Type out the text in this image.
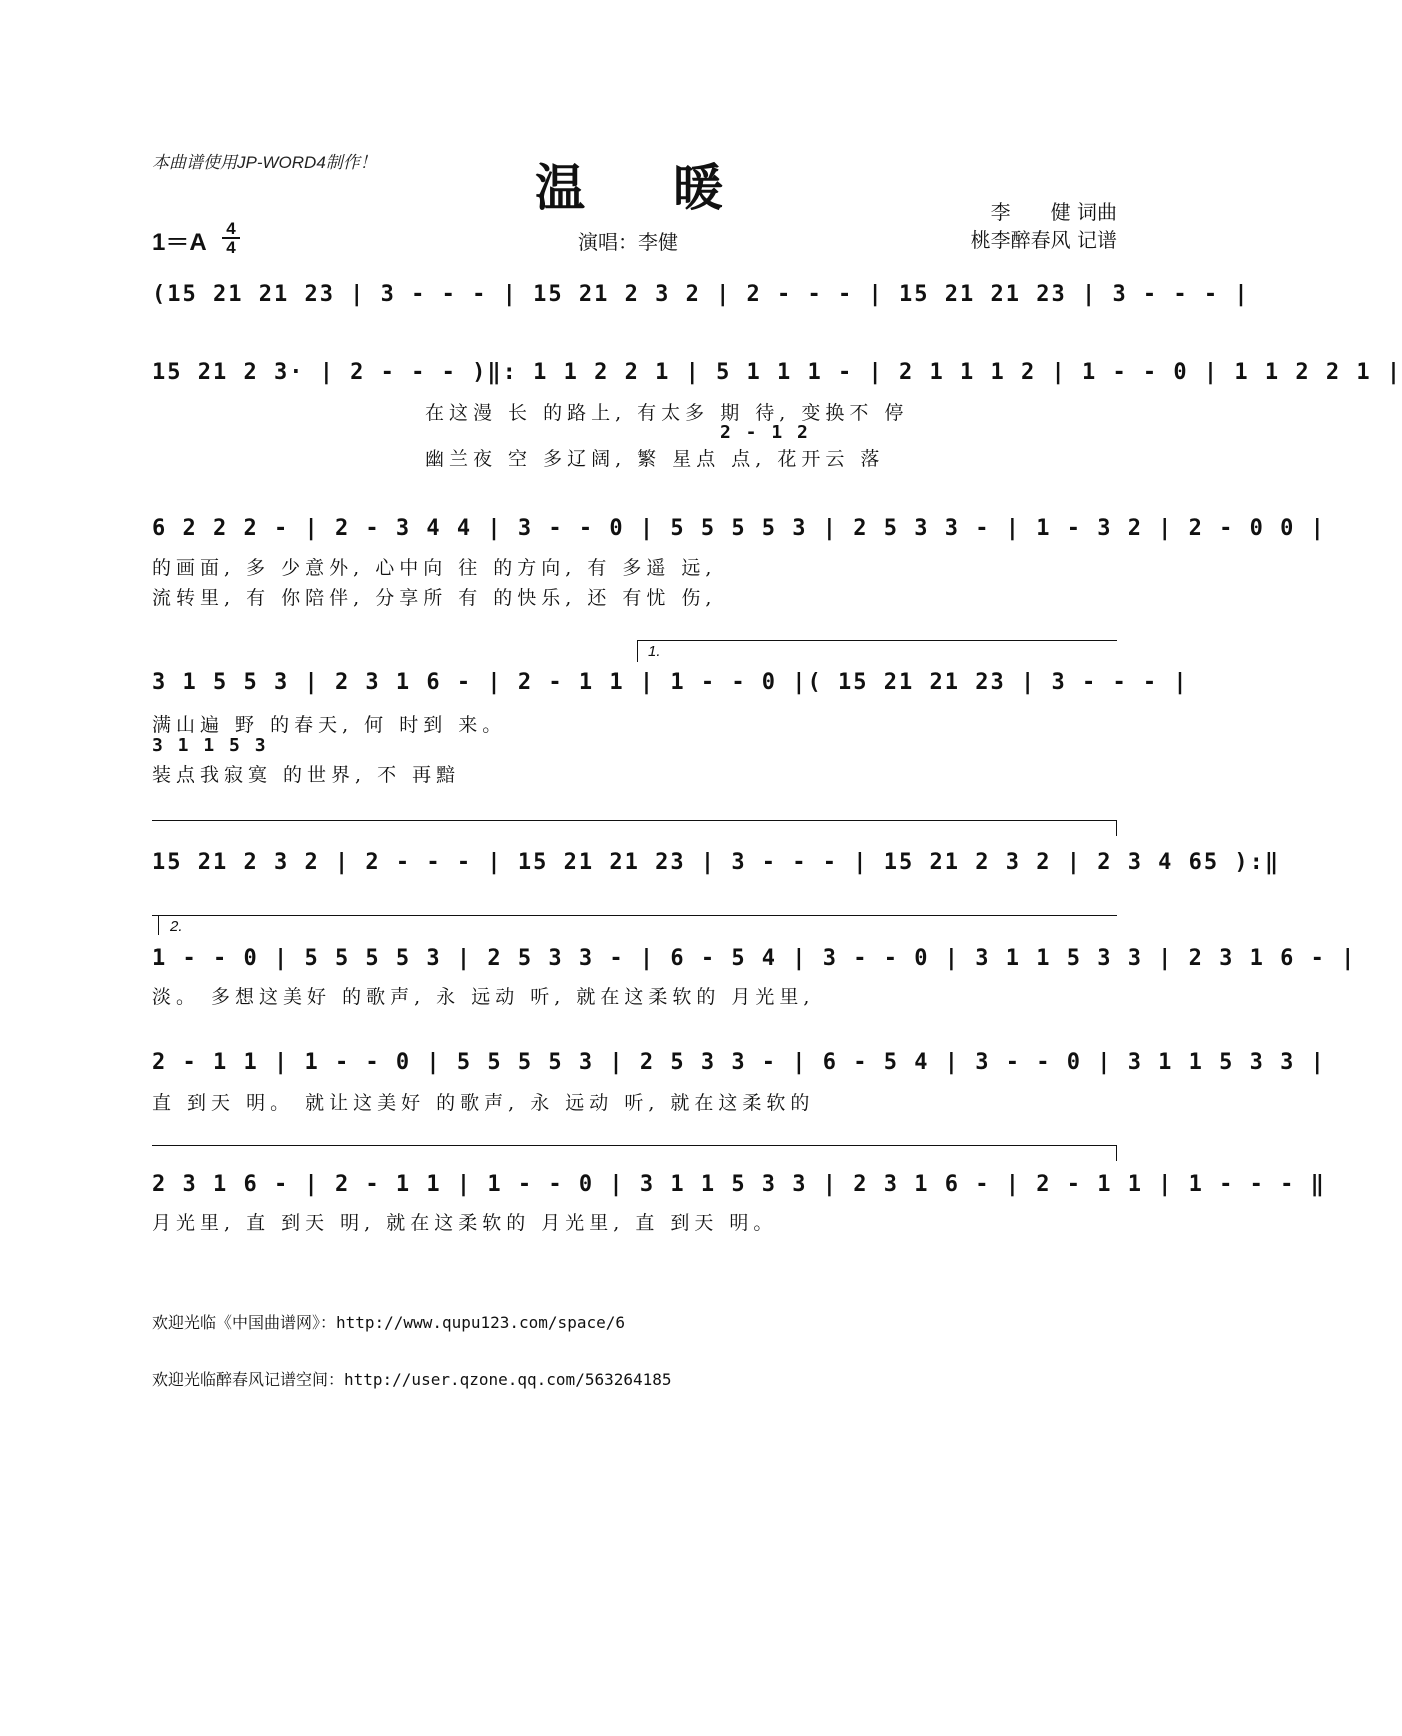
本曲谱使用JP-WORD4制作！	温暖
1＝A
4
4	演唱：李健
李　　健 词曲
桃李醉春风 记谱
(15 21 21 23 | 3 - - - | 15 21 2 3 2 | 2 - - - | 15 21 21 23 | 3 - - - |
15 21 2 3· | 2 - - - )‖: 1 1 2 2 1 | 5 1 1 1 - | 2 1 1 1 2 | 1 - - 0 | 1 1 2 2 1 |
在这漫 长 的路上, 有太多 期 待, 变换不 停
2 - 1 2
幽兰夜 空 多辽阔, 繁 星点 点, 花开云 落
6 2 2 2 - | 2 - 3 4 4 | 3 - - 0 | 5 5 5 5 3 | 2 5 3 3 - | 1 - 3 2 | 2 - 0 0 |
的画面, 多 少意外, 心中向 往 的方向, 有 多遥 远,
流转里, 有 你陪伴, 分享所 有 的快乐, 还 有忧 伤,
1.
3 1 5 5 3 | 2 3 1 6 - | 2 - 1 1 | 1 - - 0 |( 15 21 21 23 | 3 - - - |
满山遍 野 的春天, 何 时到 来。
3 1 1 5 3
装点我寂寞 的世界, 不 再黯
15 21 2 3 2 | 2 - - - | 15 21 21 23 | 3 - - - | 15 21 2 3 2 | 2 3 4 65 ):‖
2.
1 - - 0 | 5 5 5 5 3 | 2 5 3 3 - | 6 - 5 4 | 3 - - 0 | 3 1 1 5 3 3 | 2 3 1 6 - |
淡。 多想这美好 的歌声, 永 远动 听, 就在这柔软的 月光里,
2 - 1 1 | 1 - - 0 | 5 5 5 5 3 | 2 5 3 3 - | 6 - 5 4 | 3 - - 0 | 3 1 1 5 3 3 |
直 到天 明。 就让这美好 的歌声, 永 远动 听, 就在这柔软的
2 3 1 6 - | 2 - 1 1 | 1 - - 0 | 3 1 1 5 3 3 | 2 3 1 6 - | 2 - 1 1 | 1 - - - ‖
月光里, 直 到天 明, 就在这柔软的 月光里, 直 到天 明。
欢迎光临《中国曲谱网》：http://www.qupu123.com/space/6
欢迎光临醉春风记谱空间：http://user.qzone.qq.com/563264185
